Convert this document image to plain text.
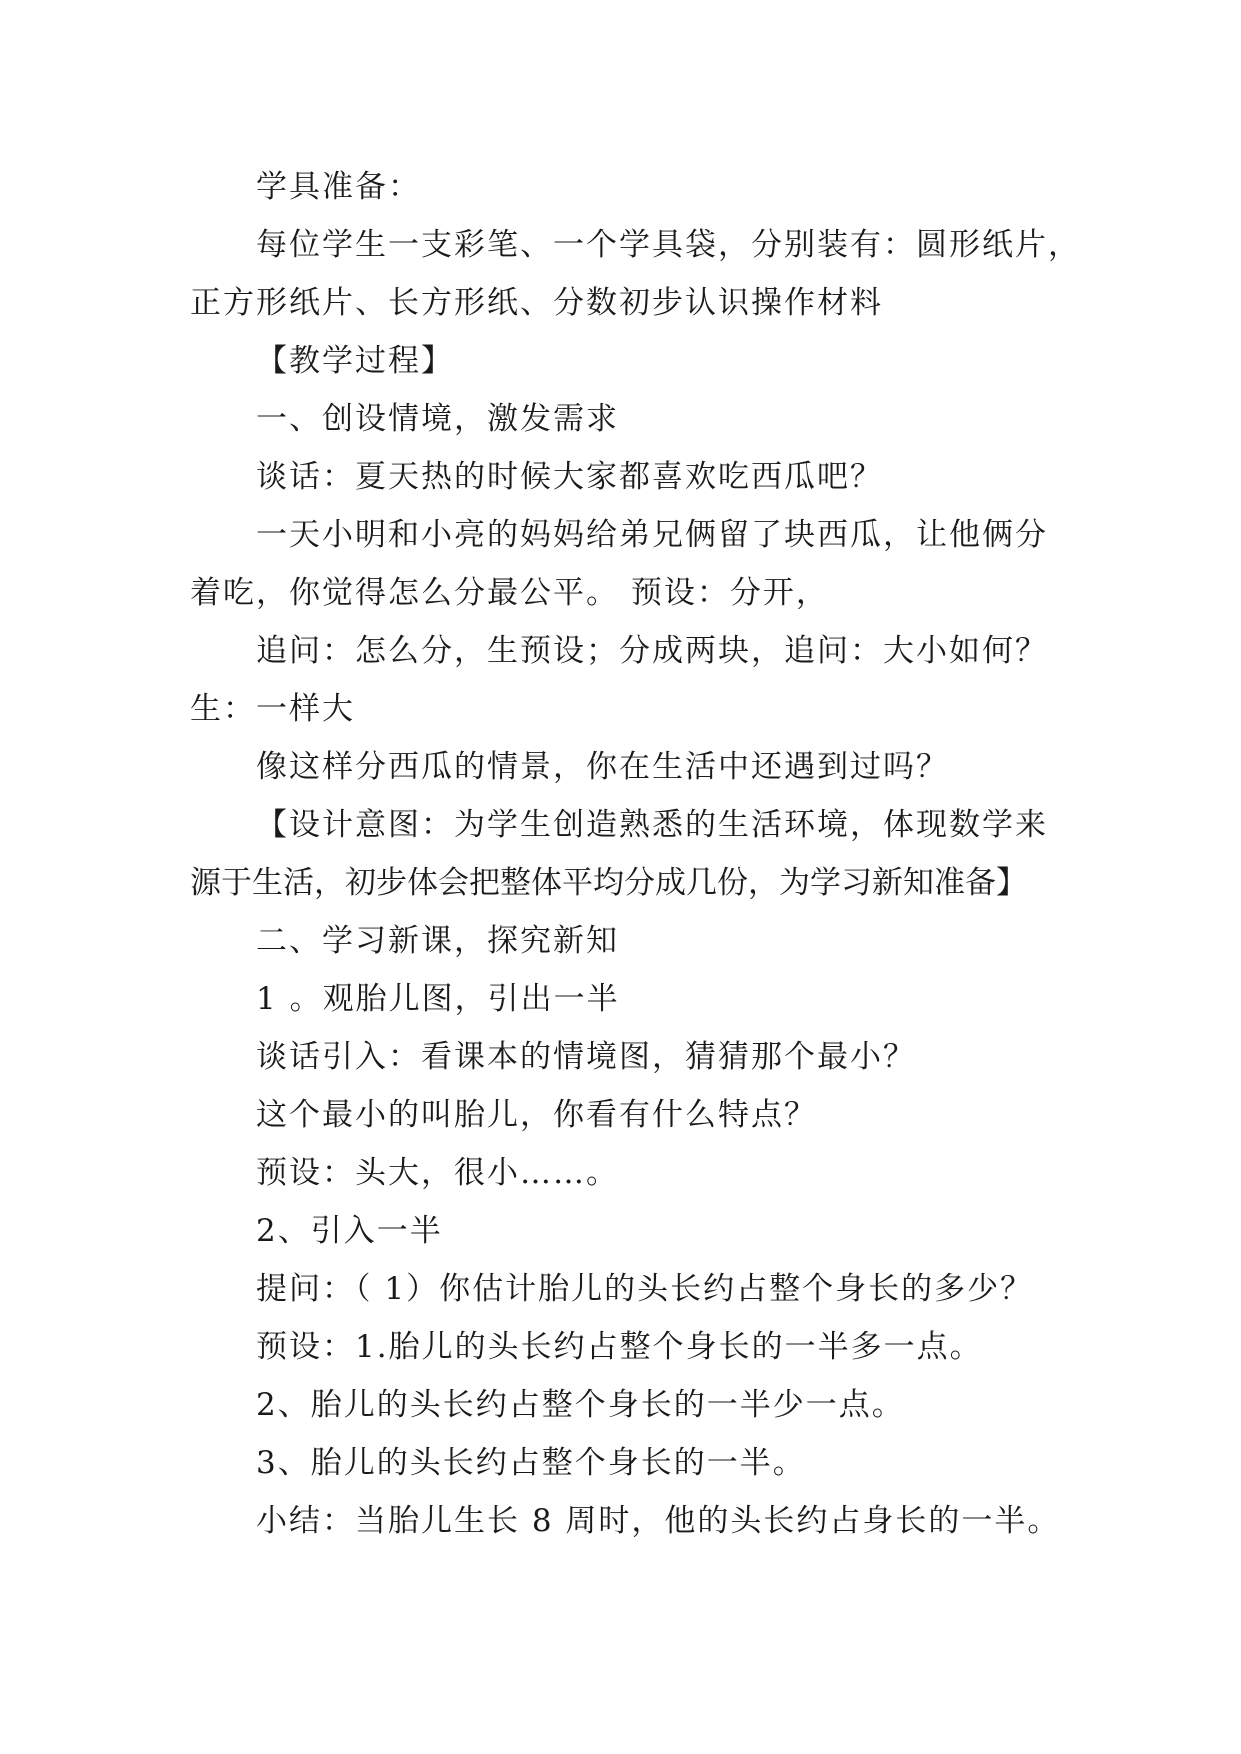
学具准备：
每位学生一支彩笔、一个学具袋，分别装有：圆形纸片，
正方形纸片、长方形纸、分数初步认识操作材料
【教学过程】
一、创设情境，激发需求
谈话：夏天热的时候大家都喜欢吃西瓜吧？
一天小明和小亮的妈妈给弟兄俩留了块西瓜，让他俩分
着吃，你觉得怎么分最公平。 预设：分开，
追问：怎么分，生预设；分成两块，追问：大小如何？
生：一样大
像这样分西瓜的情景，你在生活中还遇到过吗？
【设计意图：为学生创造熟悉的生活环境，体现数学来
源于生活，初步体会把整体平均分成几份，为学习新知准备】
二、学习新课，探究新知
1 。观胎儿图，引出一半
谈话引入：看课本的情境图，猜猜那个最小？
这个最小的叫胎儿，你看有什么特点？
预设：头大，很小……。
2、引入一半
提问：（ 1）你估计胎儿的头长约占整个身长的多少？
预设：1.胎儿的头长约占整个身长的一半多一点。
2、胎儿的头长约占整个身长的一半少一点。
3、胎儿的头长约占整个身长的一半。
小结：当胎儿生长 8 周时，他的头长约占身长的一半。
